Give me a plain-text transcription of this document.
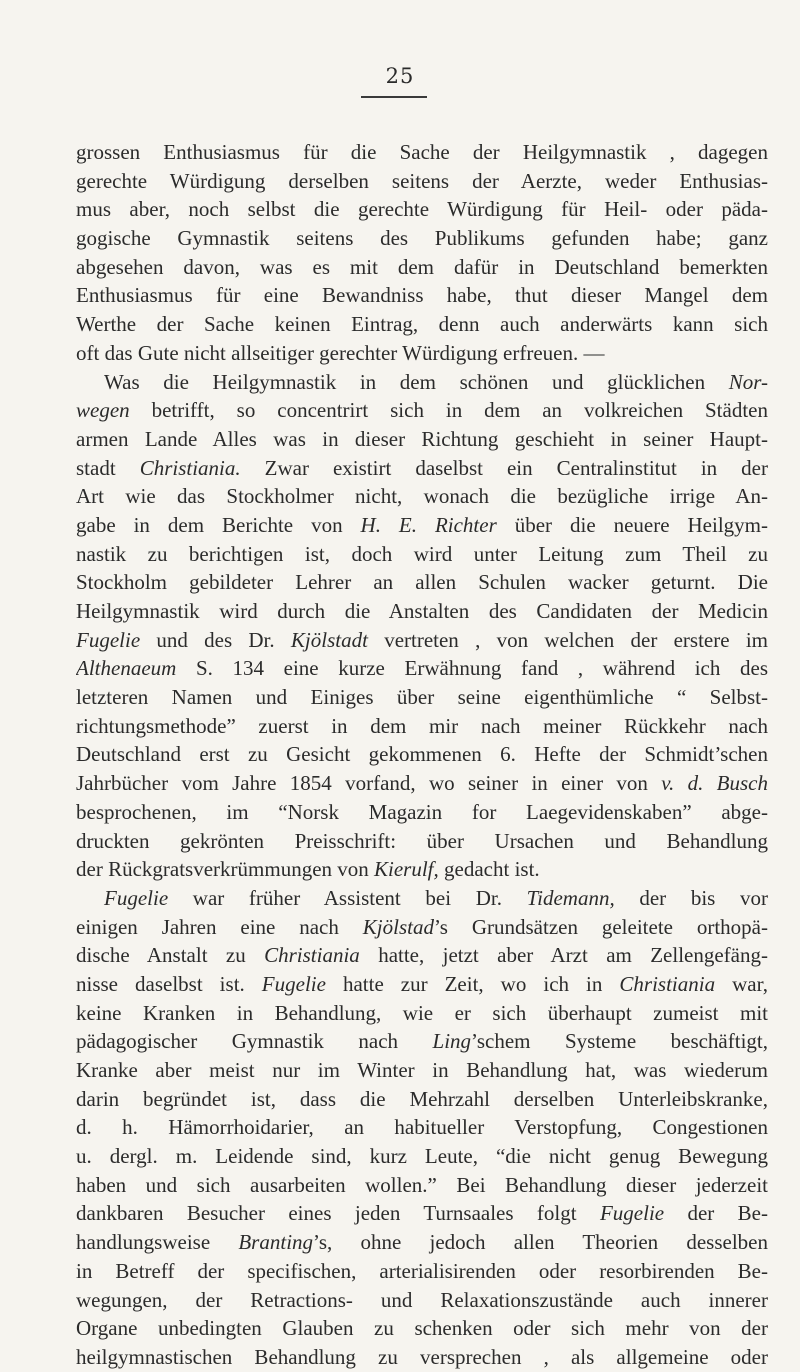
25
grossen Enthusiasmus für die Sache der Heilgymnastik , dagegen
gerechte Würdigung derselben seitens der Aerzte, weder Enthusias-
mus aber, noch selbst die gerechte Würdigung für Heil- oder päda-
gogische Gymnastik seitens des Publikums gefunden habe; ganz
abgesehen davon, was es mit dem dafür in Deutschland bemerkten
Enthusiasmus für eine Bewandniss habe, thut dieser Mangel dem
Werthe der Sache keinen Eintrag, denn auch anderwärts kann sich
oft das Gute nicht allseitiger gerechter Würdigung erfreuen. —
Was die Heilgymnastik in dem schönen und glücklichen Nor-
wegen betrifft, so concentrirt sich in dem an volkreichen Städten
armen Lande Alles was in dieser Richtung geschieht in seiner Haupt-
stadt Christiania. Zwar existirt daselbst ein Centralinstitut in der
Art wie das Stockholmer nicht, wonach die bezügliche irrige An-
gabe in dem Berichte von H. E. Richter über die neuere Heilgym-
nastik zu berichtigen ist, doch wird unter Leitung zum Theil zu
Stockholm gebildeter Lehrer an allen Schulen wacker geturnt. Die
Heilgymnastik wird durch die Anstalten des Candidaten der Medicin
Fugelie und des Dr. Kjölstadt vertreten , von welchen der erstere im
Althenaeum S. 134 eine kurze Erwähnung fand , während ich des
letzteren Namen und Einiges über seine eigenthümliche “ Selbst-
richtungsmethode” zuerst in dem mir nach meiner Rückkehr nach
Deutschland erst zu Gesicht gekommenen 6. Hefte der Schmidt’schen
Jahrbücher vom Jahre 1854 vorfand, wo seiner in einer von v. d. Busch
besprochenen, im “Norsk Magazin for Laegevidenskaben” abge-
druckten gekrönten Preisschrift: über Ursachen und Behandlung
der Rückgratsverkrümmungen von Kierulf, gedacht ist.
Fugelie war früher Assistent bei Dr. Tidemann, der bis vor
einigen Jahren eine nach Kjölstad’s Grundsätzen geleitete orthopä-
dische Anstalt zu Christiania hatte, jetzt aber Arzt am Zellengefäng-
nisse daselbst ist. Fugelie hatte zur Zeit, wo ich in Christiania war,
keine Kranken in Behandlung, wie er sich überhaupt zumeist mit
pädagogischer Gymnastik nach Ling’schem Systeme beschäftigt,
Kranke aber meist nur im Winter in Behandlung hat, was wiederum
darin begründet ist, dass die Mehrzahl derselben Unterleibskranke,
d. h. Hämorrhoidarier, an habitueller Verstopfung, Congestionen
u. dergl. m. Leidende sind, kurz Leute, “die nicht genug Bewegung
haben und sich ausarbeiten wollen.” Bei Behandlung dieser jederzeit
dankbaren Besucher eines jeden Turnsaales folgt Fugelie der Be-
handlungsweise Branting’s, ohne jedoch allen Theorien desselben
in Betreff der specifischen, arterialisirenden oder resorbirenden Be-
wegungen, der Retractions- und Relaxationszustände auch innerer
Organe unbedingten Glauben zu schenken oder sich mehr von der
heilgymnastischen Behandlung zu versprechen , als allgemeine oder
